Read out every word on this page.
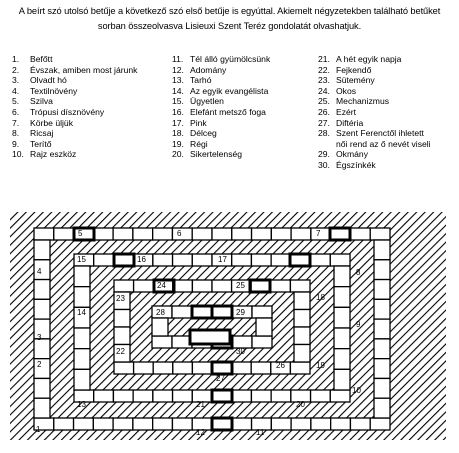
A beírt szó utolsó betűje a következő szó első betűje is egyúttal. Akiemelt négyzetekben található betűket
sorban összeolvasva Lisieuxi Szent Teréz gondolatát olvashatjuk.
1. Befőtt
2. Évszak, amiben most járunk
3. Olvadt hó
4. Textilnövény
5. Szilva
6. Trópusi dísznövény
7. Körbe üljük
8. Ricsaj
9. Terítő
10. Rajz eszköz
11. Tél álló gyümölcsünk
12. Adomány
13. Tarhó
14. Az egyik evangélista
15. Ügyetlen
16. Elefánt metsző foga
17. Pink
18. Délceg
19. Régi
20. Sikertelenség
21. A hét egyik napja
22. Fejkendő
23. Sütemény
24. Okos
25. Mechanizmus
26. Ezért
27. Diftéria
28. Szent Ferenctől ihletett
női rend az ő nevét viseli
29. Okmány
30. Égszínkék
1
2
3
4
5	6	7
8
9
10
11
12
13
14
15	16	17
18
19
20
21
22
23
24	25
26
27
28	29
30
